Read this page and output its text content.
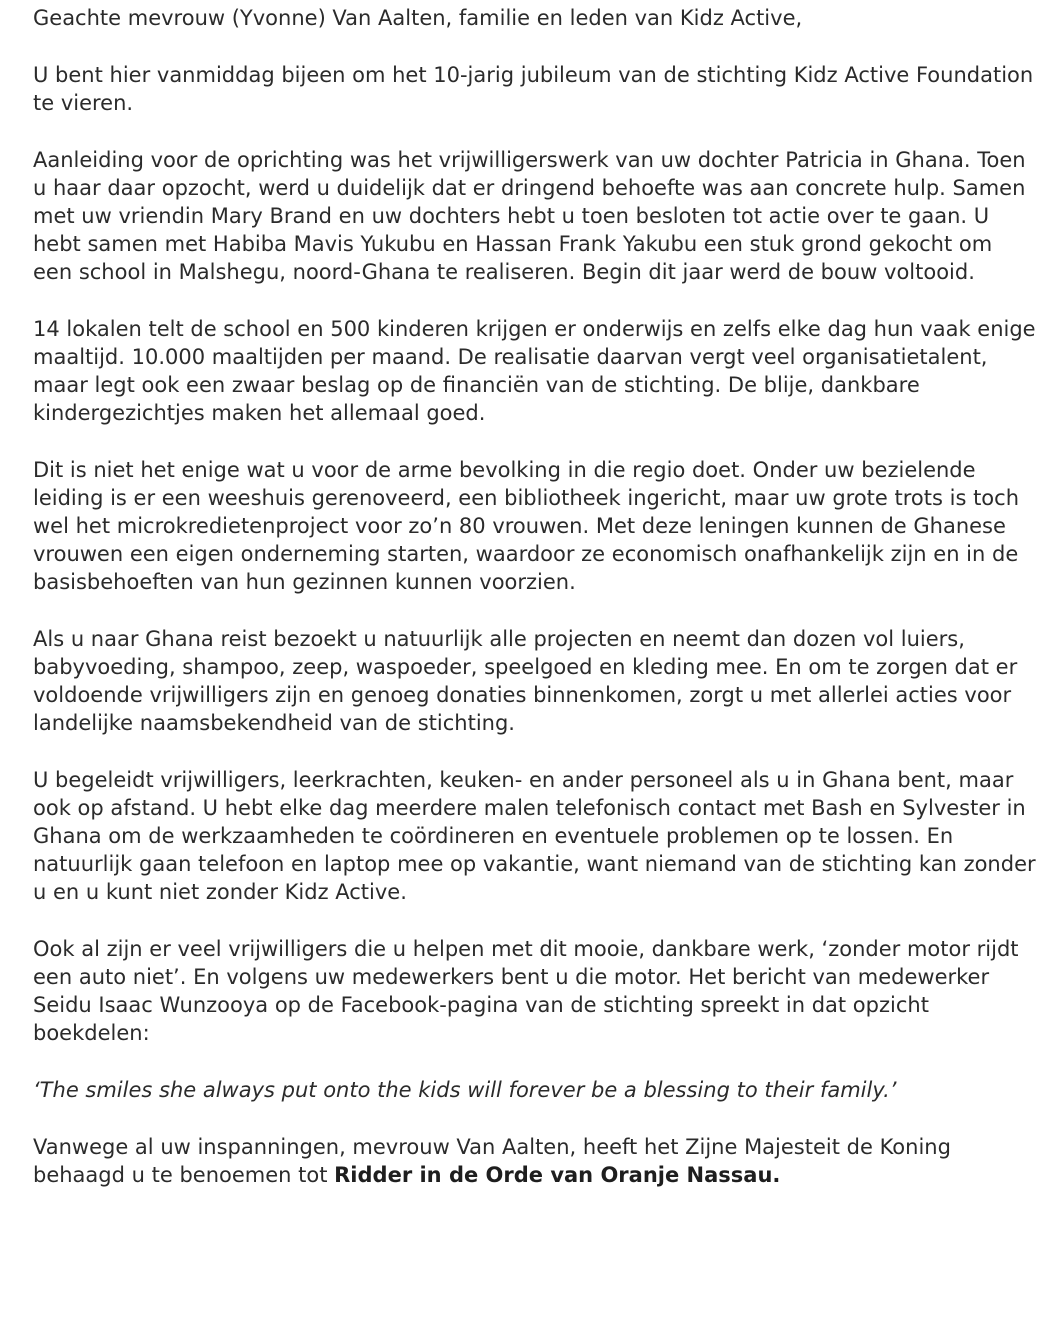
Geachte mevrouw (Yvonne) Van Aalten, familie en leden van Kidz Active,

U bent hier vanmiddag bijeen om het 10-jarig jubileum van de stichting Kidz Active Foundation te vieren.

Aanleiding voor de oprichting was het vrijwilligerswerk van uw dochter Patricia in Ghana. Toen u haar daar opzocht, werd u duidelijk dat er dringend behoefte was aan concrete hulp. Samen met uw vriendin Mary Brand en uw dochters hebt u toen besloten tot actie over te gaan. U hebt samen met Habiba Mavis Yukubu en Hassan Frank Yakubu een stuk grond gekocht om een school in Malshegu, noord-Ghana te realiseren. Begin dit jaar werd de bouw voltooid.

14 lokalen telt de school en 500 kinderen krijgen er onderwijs en zelfs elke dag hun vaak enige maaltijd. 10.000 maaltijden per maand. De realisatie daarvan vergt veel organisatietalent, maar legt ook een zwaar beslag op de financiën van de stichting. De blije, dankbare kindergezichtjes maken het allemaal goed.

Dit is niet het enige wat u voor de arme bevolking in die regio doet. Onder uw bezielende leiding is er een weeshuis gerenoveerd, een bibliotheek ingericht, maar uw grote trots is toch wel het microkredietenproject voor zo’n 80 vrouwen. Met deze leningen kunnen de Ghanese vrouwen een eigen onderneming starten, waardoor ze economisch onafhankelijk zijn en in de basisbehoeften van hun gezinnen kunnen voorzien.

Als u naar Ghana reist bezoekt u natuurlijk alle projecten en neemt dan dozen vol luiers, babyvoeding, shampoo, zeep, waspoeder, speelgoed en kleding mee. En om te zorgen dat er voldoende vrijwilligers zijn en genoeg donaties binnenkomen, zorgt u met allerlei acties voor landelijke naamsbekendheid van de stichting.

U begeleidt vrijwilligers, leerkrachten, keuken- en ander personeel als u in Ghana bent, maar ook op afstand. U hebt elke dag meerdere malen telefonisch contact met Bash en Sylvester in Ghana om de werkzaamheden te coördineren en eventuele problemen op te lossen. En natuurlijk gaan telefoon en laptop mee op vakantie, want niemand van de stichting kan zonder u en u kunt niet zonder Kidz Active.

Ook al zijn er veel vrijwilligers die u helpen met dit mooie, dankbare werk, ‘zonder motor rijdt een auto niet’. En volgens uw medewerkers bent u die motor. Het bericht van medewerker Seidu Isaac Wunzooya op de Facebook-pagina van de stichting spreekt in dat opzicht boekdelen:

‘The smiles she always put onto the kids will forever be a blessing to their family.’

Vanwege al uw inspanningen, mevrouw Van Aalten, heeft het Zijne Majesteit de Koning behaagd u te benoemen tot Ridder in de Orde van Oranje Nassau.
